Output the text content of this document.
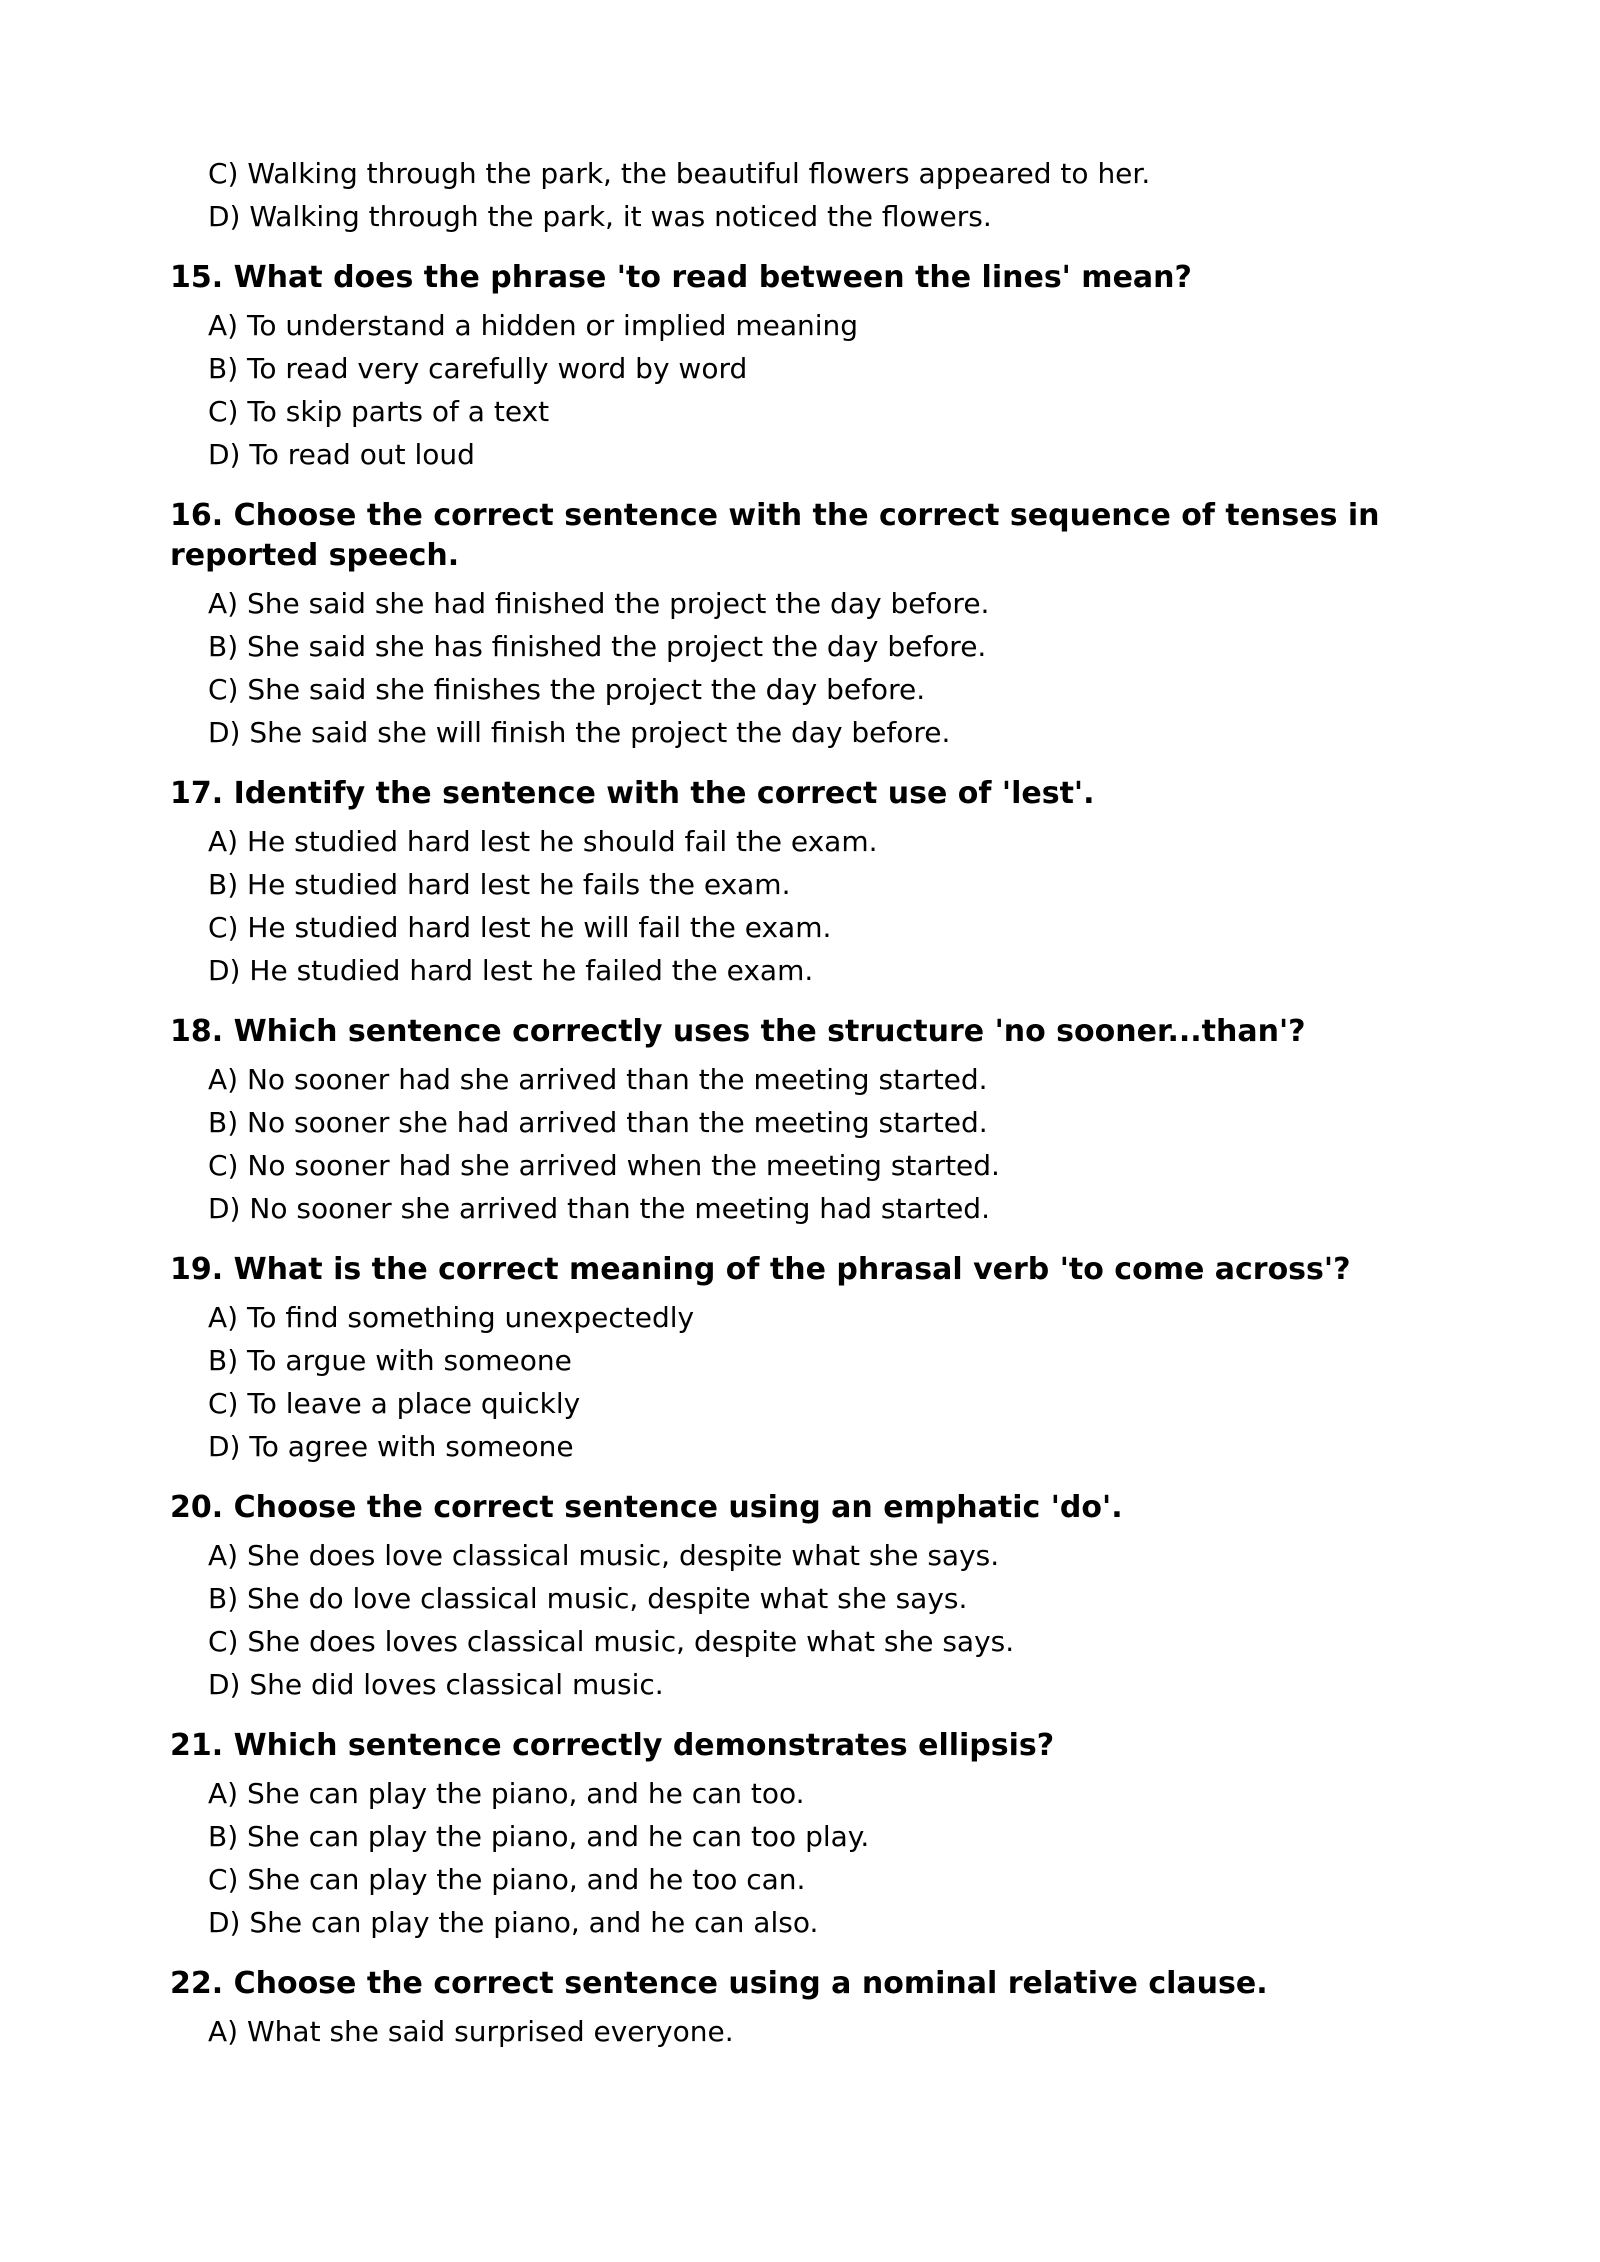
C) Walking through the park, the beautiful flowers appeared to her.
D) Walking through the park, it was noticed the flowers.

15. What does the phrase 'to read between the lines' mean?

A) To understand a hidden or implied meaning
B) To read very carefully word by word
C) To skip parts of a text
D) To read out loud

16. Choose the correct sentence with the correct sequence of tenses in reported speech.

A) She said she had finished the project the day before.
B) She said she has finished the project the day before.
C) She said she finishes the project the day before.
D) She said she will finish the project the day before.

17. Identify the sentence with the correct use of 'lest'.

A) He studied hard lest he should fail the exam.
B) He studied hard lest he fails the exam.
C) He studied hard lest he will fail the exam.
D) He studied hard lest he failed the exam.

18. Which sentence correctly uses the structure 'no sooner...than'?

A) No sooner had she arrived than the meeting started.
B) No sooner she had arrived than the meeting started.
C) No sooner had she arrived when the meeting started.
D) No sooner she arrived than the meeting had started.

19. What is the correct meaning of the phrasal verb 'to come across'?

A) To find something unexpectedly
B) To argue with someone
C) To leave a place quickly
D) To agree with someone

20. Choose the correct sentence using an emphatic 'do'.

A) She does love classical music, despite what she says.
B) She do love classical music, despite what she says.
C) She does loves classical music, despite what she says.
D) She did loves classical music.

21. Which sentence correctly demonstrates ellipsis?

A) She can play the piano, and he can too.
B) She can play the piano, and he can too play.
C) She can play the piano, and he too can.
D) She can play the piano, and he can also.

22. Choose the correct sentence using a nominal relative clause.

A) What she said surprised everyone.
